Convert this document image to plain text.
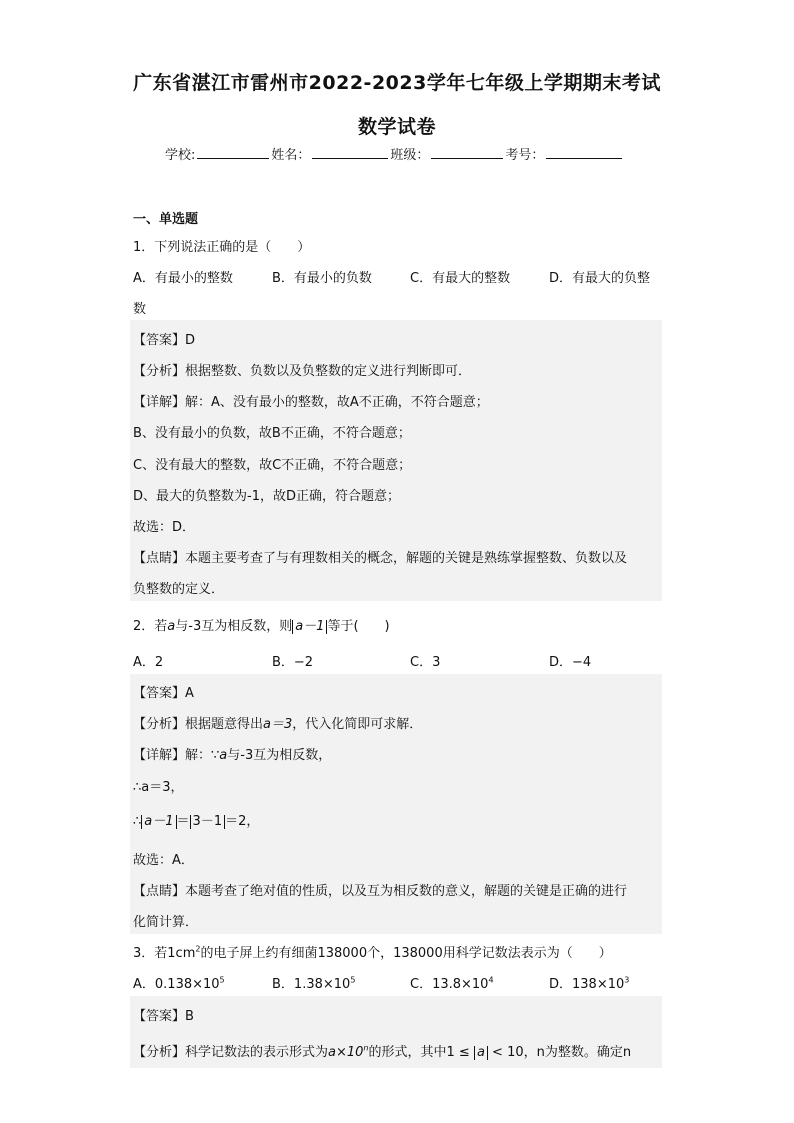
广东省湛江市雷州市2022-2023学年七年级上学期期末考试
数学试卷
学校:	姓名：	班级：	考号：
一、单选题
1．下列说法正确的是（　　）
A．有最小的整数	B．有最小的负数	C．有最大的整数	D．有最大的负整
数
【答案】D
【分析】根据整数、负数以及负整数的定义进行判断即可．
【详解】解：A、没有最小的整数，故A不正确，不符合题意；
B、没有最小的负数，故B不正确，不符合题意；
C、没有最大的整数，故C不正确，不符合题意；
D、最大的负整数为-1，故D正确，符合题意；
故选：D．
【点睛】本题主要考查了与有理数相关的概念，解题的关键是熟练掌握整数、负数以及
负整数的定义．
2．若a与-3互为相反数，则 a－1 等于(　　)
A．2	B．−2	C．3	D．−4
【答案】A
【分析】根据题意得出a＝3，代入化简即可求解．
【详解】解：∵a与-3互为相反数，
∴a＝3，
∴ a－1 ＝ 3－1 ＝2，
故选：A．
【点睛】本题考查了绝对值的性质，以及互为相反数的意义，解题的关键是正确的进行
化简计算．
3．若$1cm^2$的电子屏上约有细菌138000个，138000用科学记数法表示为（　　）
A．$0.138\times 10^5$	B．$1.38\times 10^5$	C．$13.8\times 10^4$	D．$138\times 10^3$
【答案】B
【分析】科学记数法的表示形式为$a\times 10^n$的形式，其中1 ≤ a < 10，n为整数。确定n
